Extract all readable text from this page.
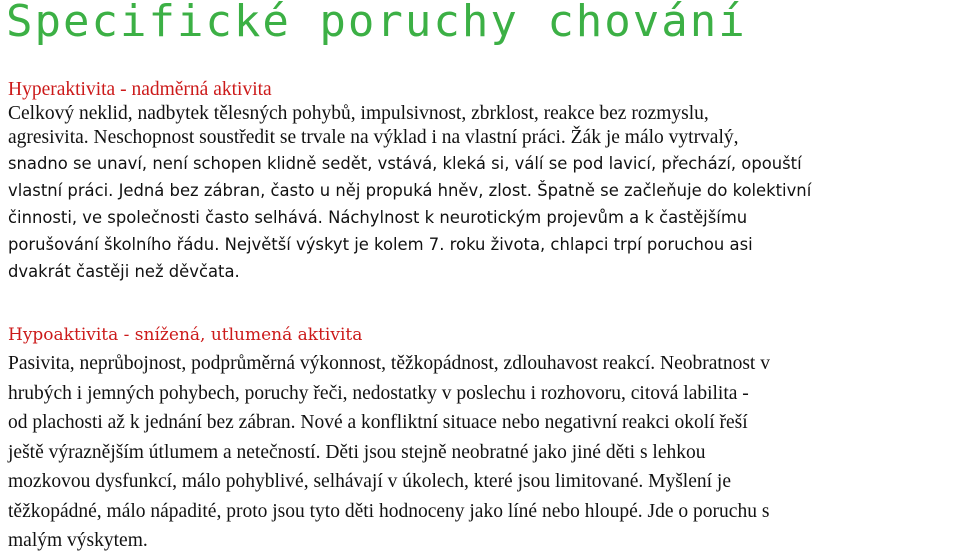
Specifické poruchy chování
Hyperaktivita - nadměrná aktivita
Celkový neklid, nadbytek tělesných pohybů, impulsivnost, zbrklost, reakce bez rozmyslu,
agresivita. Neschopnost soustředit se trvale na výklad i na vlastní práci. Žák je málo vytrvalý,
snadno se unaví, není schopen klidně sedět, vstává, kleká si, válí se pod lavicí, přechází, opouští
vlastní práci. Jedná bez zábran, často u něj propuká hněv, zlost. Špatně se začleňuje do kolektivní
činnosti, ve společnosti často selhává. Náchylnost k neurotickým projevům a k častějšímu
porušování školního řádu. Největší výskyt je kolem 7. roku života, chlapci trpí poruchou asi
dvakrát častěji než děvčata.
Hypoaktivita - snížená, utlumená aktivita
Pasivita, neprůbojnost, podprůměrná výkonnost, těžkopádnost, zdlouhavost reakcí. Neobratnost v
hrubých i jemných pohybech, poruchy řeči, nedostatky v poslechu i rozhovoru, citová labilita -
od plachosti až k jednání bez zábran. Nové a konfliktní situace nebo negativní reakci okolí řeší
ještě výraznějším útlumem a netečností. Děti jsou stejně neobratné jako jiné děti s lehkou
mozkovou dysfunkcí, málo pohyblivé, selhávají v úkolech, které jsou limitované. Myšlení je
těžkopádné, málo nápadité, proto jsou tyto děti hodnoceny jako líné nebo hloupé. Jde o poruchu s
malým výskytem.
